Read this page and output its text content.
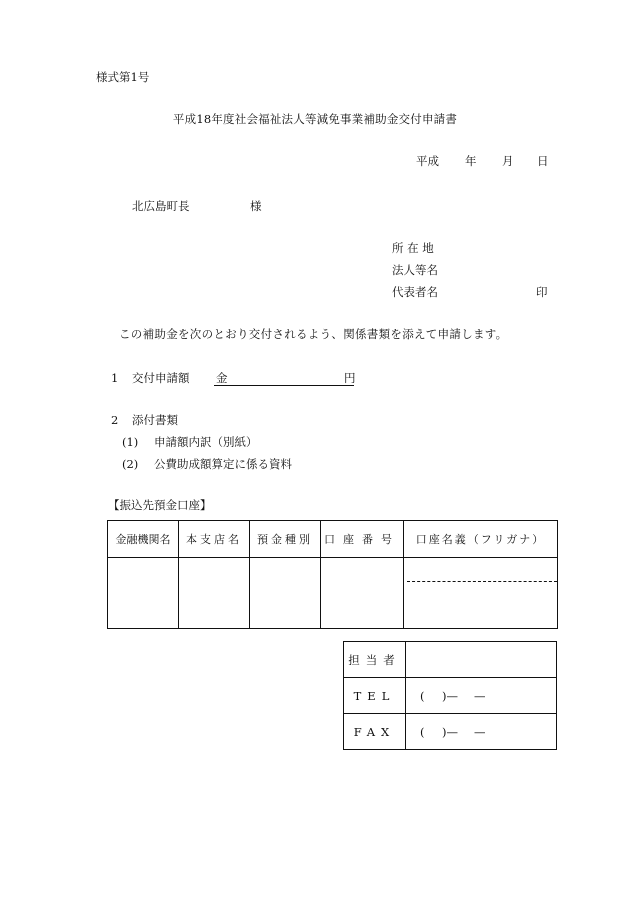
様式第1号
平成18年度社会福祉法人等減免事業補助金交付申請書
平成 年 月 日
北広島町長	様
所 在 地
法人等名
代表者名	印
この補助金を次のとおり交付されるよう、関係書類を添えて申請します。
1 交付申請額 金	円
2 添付書類
(1) 申請額内訳（別紙）
(2) 公費助成額算定に係る資料
【振込先預金口座】
金融機関名	本支店名	預金種別	口座番号	口座名義（フリガナ）

担当者	
TEL	( )— —
FAX	( )— —
